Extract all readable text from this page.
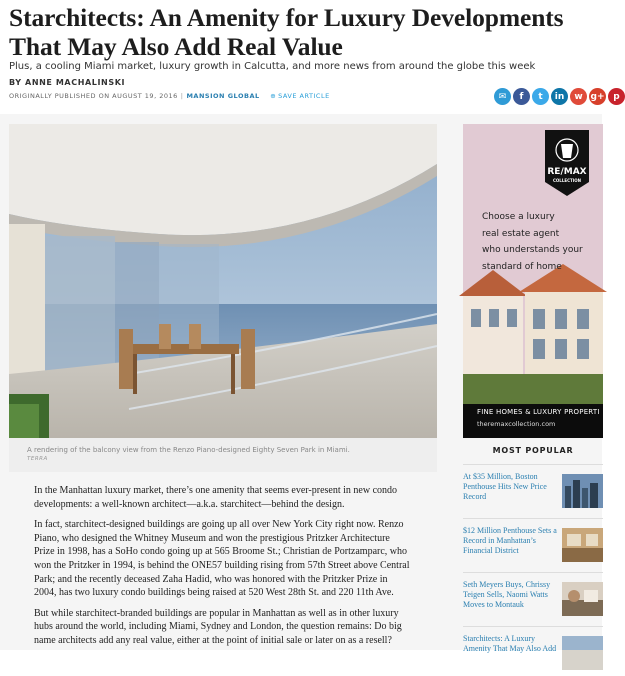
Starchitects: An Amenity for Luxury Developments That May Also Add Real Value
Plus, a cooling Miami market, luxury growth in Calcutta, and more news from around the globe this week
BY ANNE MACHALINSKI
ORIGINALLY PUBLISHED ON AUGUST 19, 2016 | MANSION GLOBAL ⊕ SAVE ARTICLE	✉	f	t	in	w g+ p
A rendering of the balcony view from the Renzo Piano-designed Eighty Seven Park in Miami.
TERRA

In the Manhattan luxury market, there’s one amenity that seems ever-present in new condo developments: a well-known architect—a.k.a. starchitect—behind the design.

In fact, starchitect-designed buildings are going up all over New York City right now. Renzo Piano, who designed the Whitney Museum and won the prestigious Pritzker Architecture Prize in 1998, has a SoHo condo going up at 565 Broome St.; Christian de Portzamparc, who won the Pritzker in 1994, is behind the ONE57 building rising from 57th Street above Central Park; and the recently deceased Zaha Hadid, who was honored with the Pritzker Prize in 2004, has two luxury condo buildings being raised at 520 West 28th St. and 220 11th Ave.

But while starchitect-branded buildings are popular in Manhattan as well as in other luxury hubs around the world, including Miami, Sydney and London, the question remains: Do big name architects add any real value, either at the point of initial sale or later on as a resell?

RE/MAX
COLLECTION
Choose a luxury
real estate agent
who understands your
standard of home
FINE HOMES & LUXURY PROPERTI
theremaxcollection.com
MOST POPULAR
At $35 Million, Boston Penthouse Hits New Price Record
$12 Million Penthouse Sets a Record in Manhattan’s Financial District
Seth Meyers Buys, Chrissy Teigen Sells, Naomi Watts Moves to Montauk
Starchitects: A Luxury Amenity That May Also Add
